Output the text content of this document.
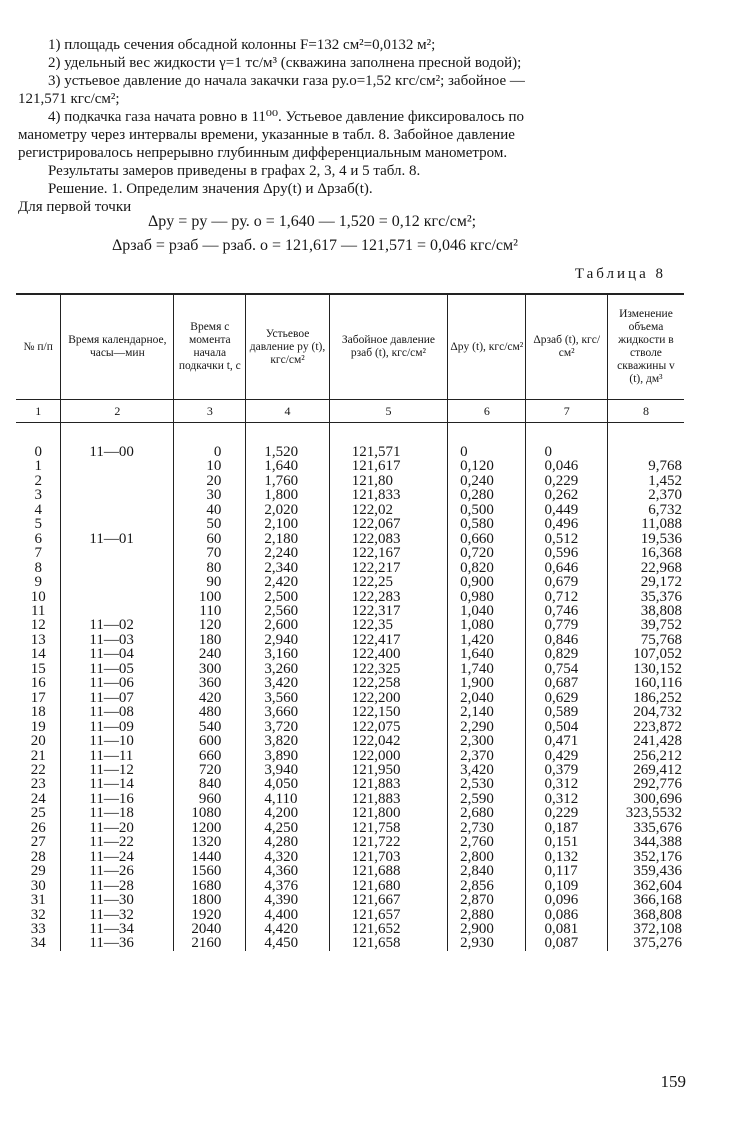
1) площадь сечения обсадной колонны F=132 см²=0,0132 м²;
2) удельный вес жидкости γ=1 тс/м³ (скважина заполнена пресной водой);
3) устьевое давление до начала закачки газа pу.о=1,52 кгс/см²; забойное —
121,571 кгс/см²;
4) подкачка газа начата ровно в 11⁰⁰. Устьевое давление фиксировалось по
манометру через интервалы времени, указанные в табл. 8. Забойное давление
регистрировалось непрерывно глубинным дифференциальным манометром.
Результаты замеров приведены в графах 2, 3, 4 и 5 табл. 8.
Решение. 1. Определим значения Δpу(t) и Δpзаб(t).
Для первой точки
Δpу = pу — pу. о = 1,640 — 1,520 = 0,12 кгс/см²;
Δpзаб = pзаб — pзаб. о = 121,617 — 121,571 = 0,046 кгс/см²
Таблица 8
№ п/п	Время календарное, часы—мин	Время с момента начала подкачки t, с	Устьевое давление pу (t), кгс/см²	Забойное давление pзаб (t), кгс/см²	Δpу (t), кгс/см²	Δpзаб (t), кгс/см²	Изменение объема жидкости в стволе скважины v (t), дм³
1	2	3	4	5	6	7	8

0	11—00	0	1,520	121,571	0	0	
1		10	1,640	121,617	0,120	0,046	9,768
2		20	1,760	121,80	0,240	0,229	1,452
3		30	1,800	121,833	0,280	0,262	2,370
4		40	2,020	122,02	0,500	0,449	6,732
5		50	2,100	122,067	0,580	0,496	11,088
6	11—01	60	2,180	122,083	0,660	0,512	19,536
7		70	2,240	122,167	0,720	0,596	16,368
8		80	2,340	122,217	0,820	0,646	22,968
9		90	2,420	122,25	0,900	0,679	29,172
10		100	2,500	122,283	0,980	0,712	35,376
11		110	2,560	122,317	1,040	0,746	38,808
12	11—02	120	2,600	122,35	1,080	0,779	39,752
13	11—03	180	2,940	122,417	1,420	0,846	75,768
14	11—04	240	3,160	122,400	1,640	0,829	107,052
15	11—05	300	3,260	122,325	1,740	0,754	130,152
16	11—06	360	3,420	122,258	1,900	0,687	160,116
17	11—07	420	3,560	122,200	2,040	0,629	186,252
18	11—08	480	3,660	122,150	2,140	0,589	204,732
19	11—09	540	3,720	122,075	2,290	0,504	223,872
20	11—10	600	3,820	122,042	2,300	0,471	241,428
21	11—11	660	3,890	122,000	2,370	0,429	256,212
22	11—12	720	3,940	121,950	3,420	0,379	269,412
23	11—14	840	4,050	121,883	2,530	0,312	292,776
24	11—16	960	4,110	121,883	2,590	0,312	300,696
25	11—18	1080	4,200	121,800	2,680	0,229	323,5532
26	11—20	1200	4,250	121,758	2,730	0,187	335,676
27	11—22	1320	4,280	121,722	2,760	0,151	344,388
28	11—24	1440	4,320	121,703	2,800	0,132	352,176
29	11—26	1560	4,360	121,688	2,840	0,117	359,436
30	11—28	1680	4,376	121,680	2,856	0,109	362,604
31	11—30	1800	4,390	121,667	2,870	0,096	366,168
32	11—32	1920	4,400	121,657	2,880	0,086	368,808
33	11—34	2040	4,420	121,652	2,900	0,081	372,108
34	11—36	2160	4,450	121,658	2,930	0,087	375,276
159
